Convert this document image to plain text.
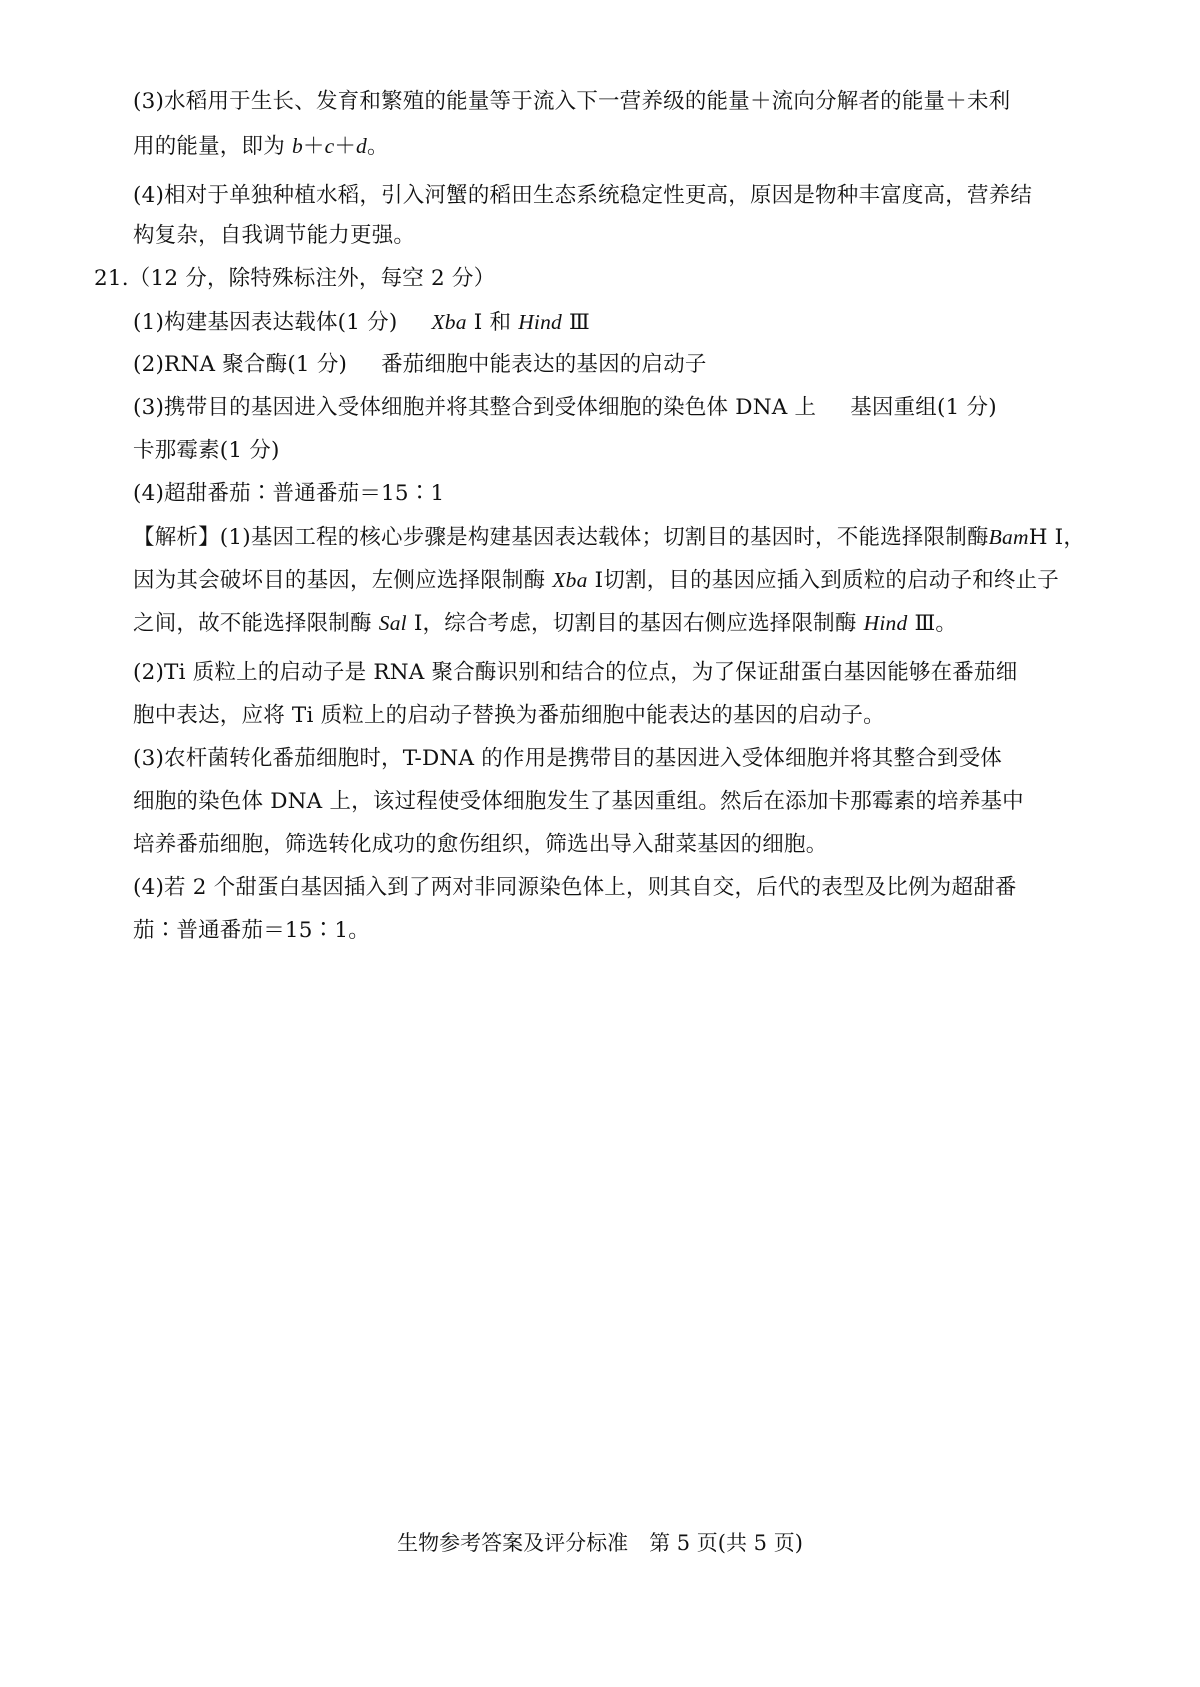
(3)水稻用于生长、发育和繁殖的能量等于流入下一营养级的能量＋流向分解者的能量＋未利
用的能量，即为 b＋c＋d。
(4)相对于单独种植水稻，引入河蟹的稻田生态系统稳定性更高，原因是物种丰富度高，营养结
构复杂，自我调节能力更强。
21.（12 分，除特殊标注外，每空 2 分）
(1)构建基因表达载体(1 分) Xba Ⅰ 和 Hind Ⅲ
(2)RNA 聚合酶(1 分) 番茄细胞中能表达的基因的启动子
(3)携带目的基因进入受体细胞并将其整合到受体细胞的染色体 DNA 上 基因重组(1 分)
卡那霉素(1 分)
(4)超甜番茄∶普通番茄＝15∶1
【解析】(1)基因工程的核心步骤是构建基因表达载体；切割目的基因时，不能选择限制酶BamH Ⅰ，
因为其会破坏目的基因，左侧应选择限制酶 Xba Ⅰ切割，目的基因应插入到质粒的启动子和终止子
之间，故不能选择限制酶 Sal Ⅰ，综合考虑，切割目的基因右侧应选择限制酶 Hind Ⅲ。
(2)Ti 质粒上的启动子是 RNA 聚合酶识别和结合的位点，为了保证甜蛋白基因能够在番茄细
胞中表达，应将 Ti 质粒上的启动子替换为番茄细胞中能表达的基因的启动子。
(3)农杆菌转化番茄细胞时，T-DNA 的作用是携带目的基因进入受体细胞并将其整合到受体
细胞的染色体 DNA 上，该过程使受体细胞发生了基因重组。然后在添加卡那霉素的培养基中
培养番茄细胞，筛选转化成功的愈伤组织，筛选出导入甜菜基因的细胞。
(4)若 2 个甜蛋白基因插入到了两对非同源染色体上，则其自交，后代的表型及比例为超甜番
茄∶普通番茄＝15∶1。
生物参考答案及评分标准　第 5 页(共 5 页)
